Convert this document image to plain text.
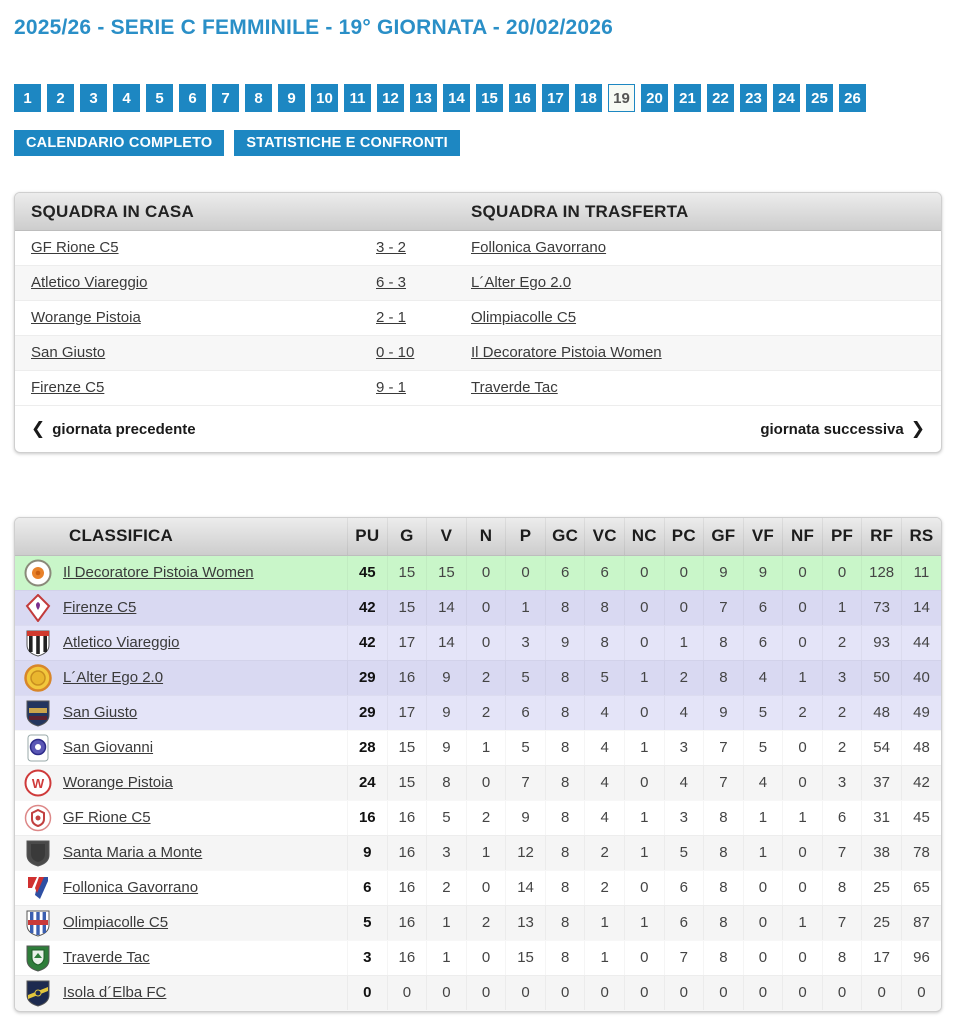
2025/26 - SERIE C FEMMINILE - 19° GIORNATA - 20/02/2026
1	2	3	4	5	6	7	8	9	10	11	12	13	14	15	16	17	18	19	20	21	22	23	24	25	26
CALENDARIO COMPLETO	STATISTICHE E CONFRONTI
SQUADRA IN CASA	SQUADRA IN TRASFERTA
GF Rione C5	3 - 2	Follonica Gavorrano
Atletico Viareggio	6 - 3	L´Alter Ego 2.0
Worange Pistoia	2 - 1	Olimpiacolle C5
San Giusto	0 - 10	Il Decoratore Pistoia Women
Firenze C5	9 - 1	Traverde Tac
❮ giornata precedente	giornata successiva ❯
CLASSIFICA	PU	G	V	N	P	GC	VC	NC	PC	GF	VF	NF	PF	RF	RS

Il Decoratore Pistoia Women	45	15	15	0	0	6	6	0	0	9	9	0	0	128	11

Firenze C5	42	15	14	0	1	8	8	0	0	7	6	0	1	73	14

Atletico Viareggio	42	17	14	0	3	9	8	0	1	8	6	0	2	93	44

L´Alter Ego 2.0	29	16	9	2	5	8	5	1	2	8	4	1	3	50	40

San Giusto	29	17	9	2	6	8	4	0	4	9	5	2	2	48	49

San Giovanni	28	15	9	1	5	8	4	1	3	7	5	0	2	54	48

W Worange Pistoia	24	15	8	0	7	8	4	0	4	7	4	0	3	37	42

GF Rione C5	16	16	5	2	9	8	4	1	3	8	1	1	6	31	45

Santa Maria a Monte	9	16	3	1	12	8	2	1	5	8	1	0	7	38	78

Follonica Gavorrano	6	16	2	0	14	8	2	0	6	8	0	0	8	25	65

Olimpiacolle C5	5	16	1	2	13	8	1	1	6	8	0	1	7	25	87

Traverde Tac	3	16	1	0	15	8	1	0	7	8	0	0	8	17	96

Isola d´Elba FC	0	0	0	0	0	0	0	0	0	0	0	0	0	0	0
